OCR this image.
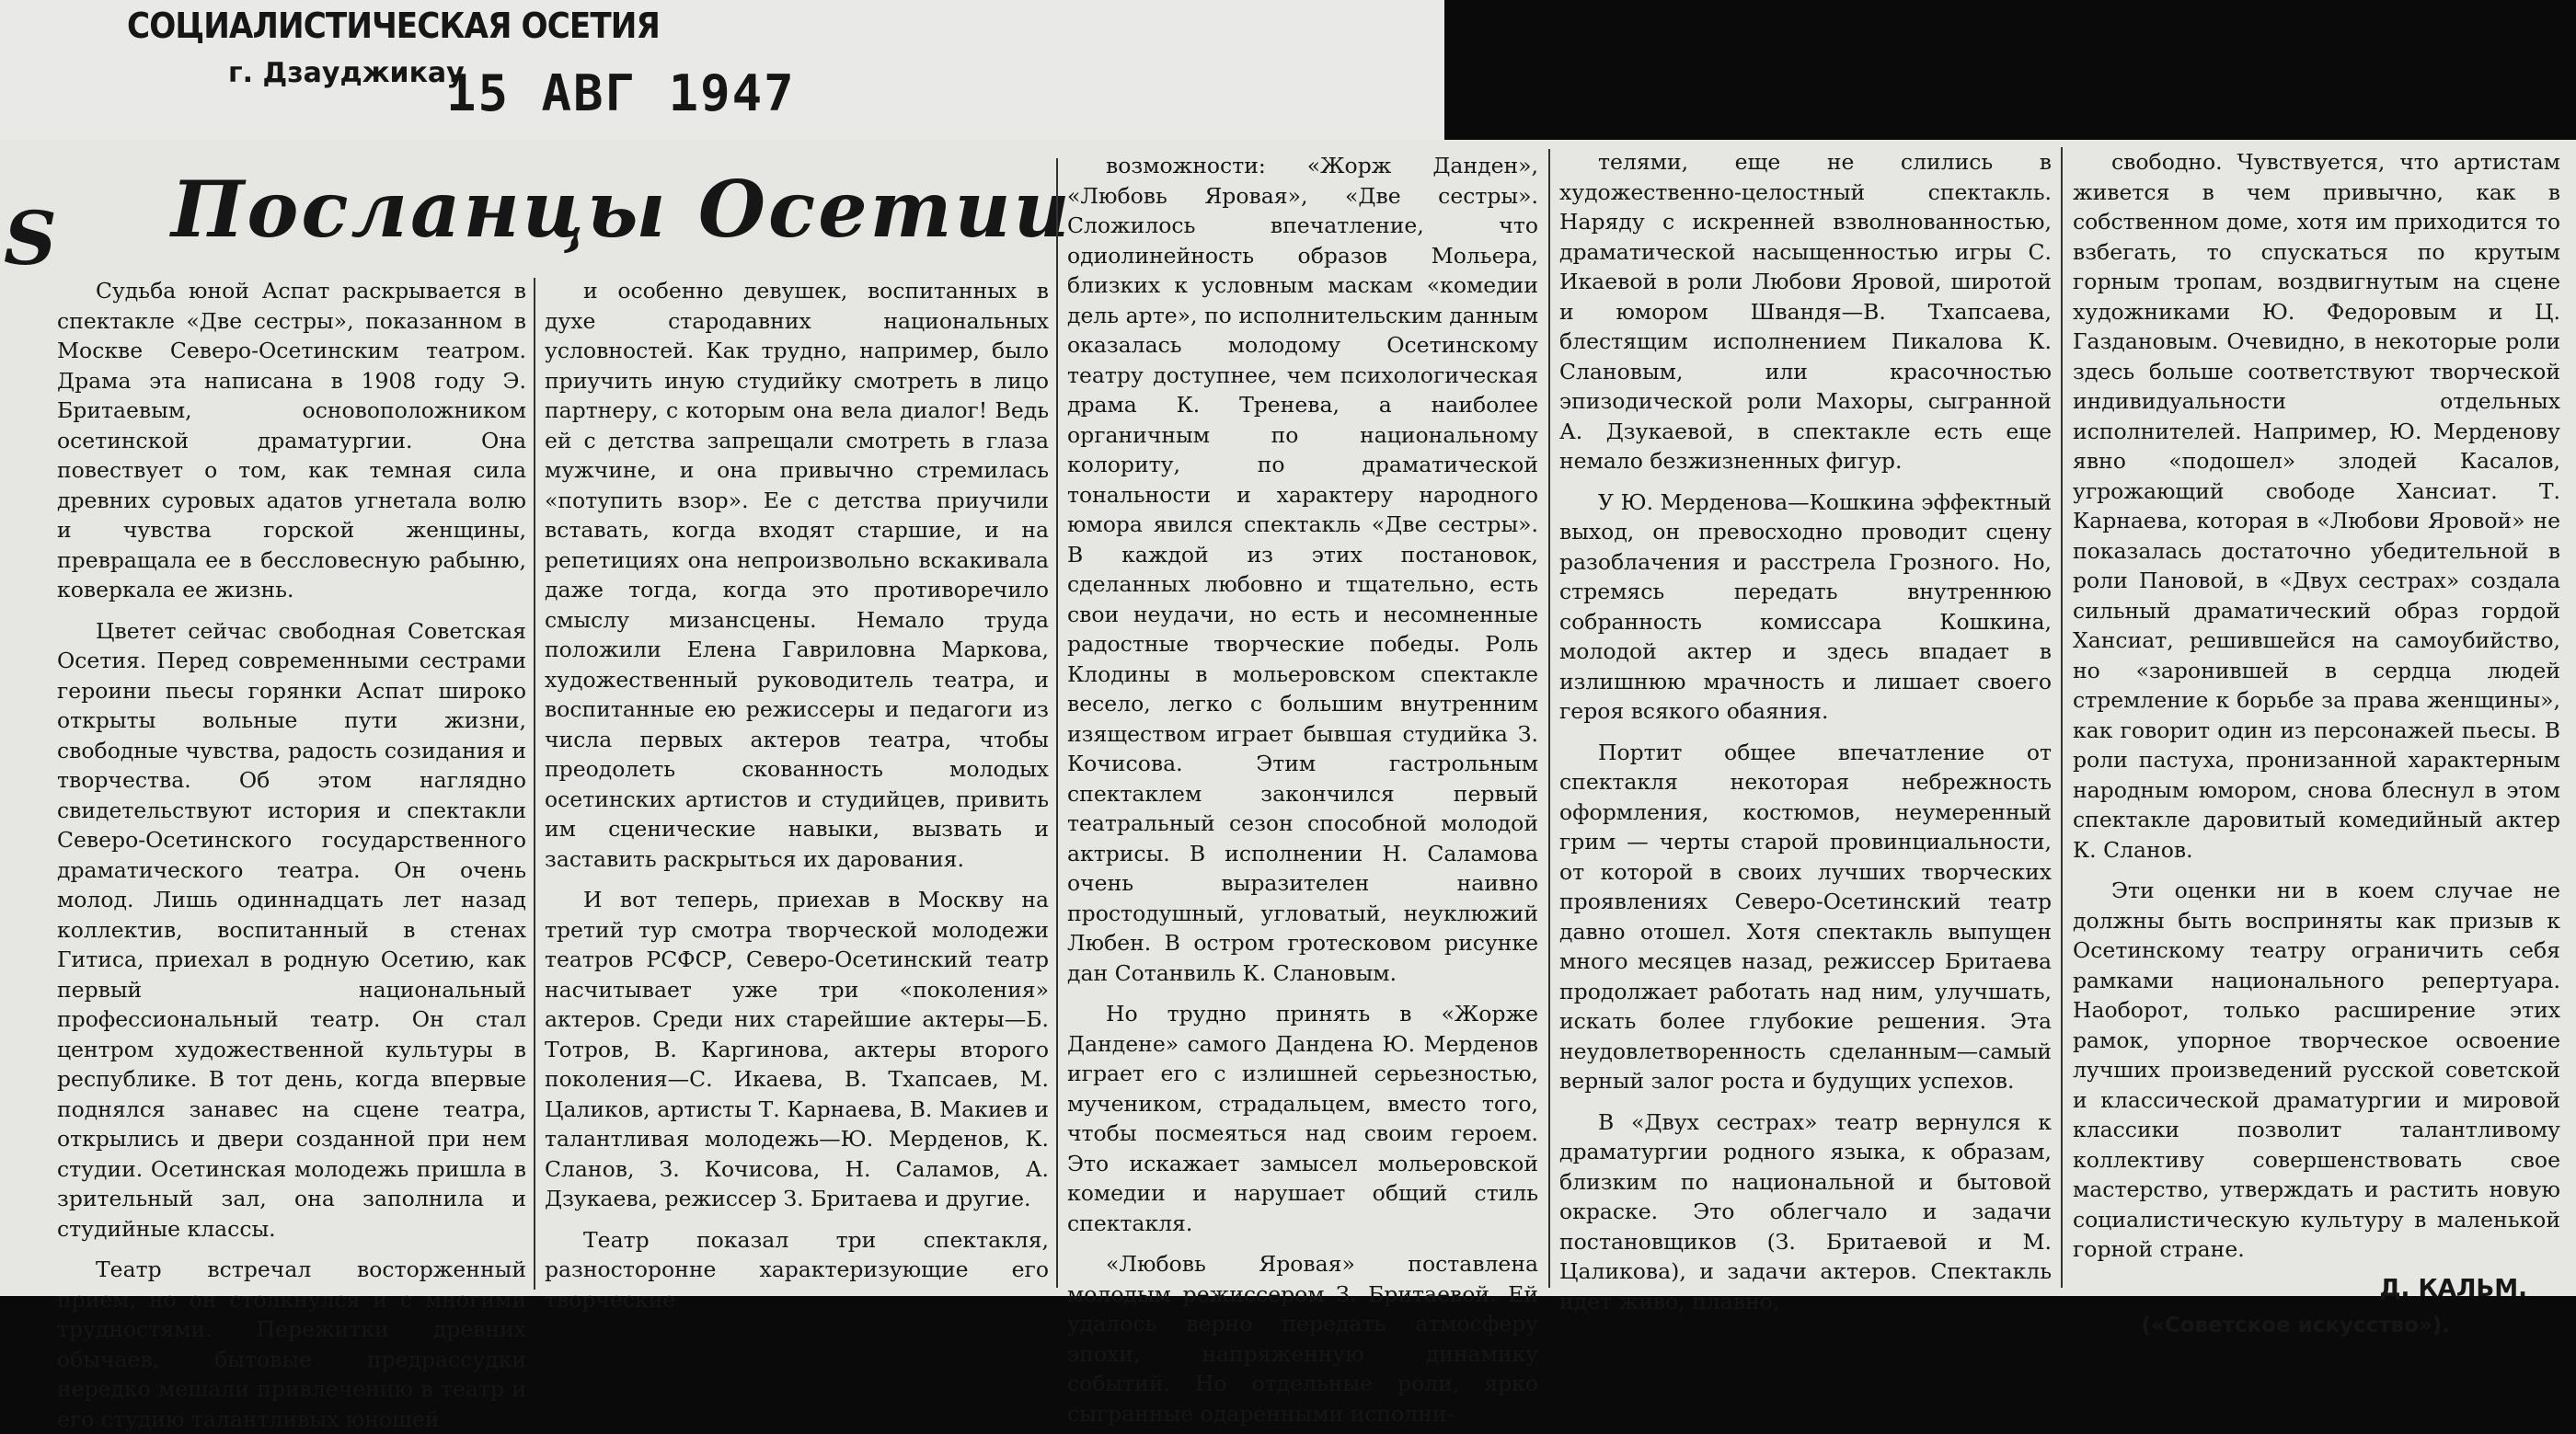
СОЦИАЛИСТИЧЕСКАЯ ОСЕТИЯ
г. Дзауджикау
15 АВГ 1947
S Посланцы Осетии

Судьба юной Аспат раскрывается в спектакле «Две сестры», показанном в Москве Северо-Осетинским театром. Драма эта написана в 1908 году Э. Бритаевым, основоположником осетинской драматургии. Она повествует о том, как темная сила древних суровых адатов угнетала волю и чувства горской женщины, превращала ее в бессловесную рабыню, коверкала ее жизнь.

Цветет сейчас свободная Советская Осетия. Перед современными сестрами героини пьесы горянки Аспат широко открыты вольные пути жизни, свободные чувства, радость созидания и творчества. Об этом наглядно свидетельствуют история и спектакли Северо-Осетинского государственного драматического театра. Он очень молод. Лишь одиннадцать лет назад коллектив, воспитанный в стенах Гитиса, приехал в родную Осетию, как первый национальный профессиональный театр. Он стал центром художественной культуры в республике. В тот день, когда впервые поднялся занавес на сцене театра, открылись и двери созданной при нем студии. Осетинская молодежь пришла в зрительный зал, она заполнила и студийные классы.

Театр встречал восторженный прием, но он столкнулся и с многими трудностями. Пережитки древних обычаев, бытовые предрассудки нередко мешали привлечению в театр и его студию талантливых юношей

и особенно девушек, воспитанных в духе стародавних национальных условностей. Как трудно, например, было приучить иную студийку смотреть в лицо партнеру, с которым она вела диалог! Ведь ей с детства запрещали смотреть в глаза мужчине, и она привычно стремилась «потупить взор». Ее с детства приучили вставать, когда входят старшие, и на репетициях она непроизвольно вскакивала даже тогда, когда это противоречило смыслу мизансцены. Немало труда положили Елена Гавриловна Маркова, художественный руководитель театра, и воспитанные ею режиссеры и педагоги из числа первых актеров театра, чтобы преодолеть скованность молодых осетинских артистов и студийцев, привить им сценические навыки, вызвать и заставить раскрыться их дарования.

И вот теперь, приехав в Москву на третий тур смотра творческой молодежи театров РСФСР, Северо-Осетинский театр насчитывает уже три «поколения» актеров. Среди них старейшие актеры—Б. Тотров, В. Каргинова, актеры второго поколения—С. Икаева, В. Тхапсаев, М. Цаликов, артисты Т. Карнаева, В. Макиев и талантливая молодежь—Ю. Мерденов, К. Сланов, З. Кочисова, Н. Саламов, А. Дзукаева, режиссер З. Бритаева и другие.

Театр показал три спектакля, разностороннe характеризующие его творческие

возможности: «Жорж Данден», «Любовь Яровая», «Две сестры». Сложилось впечатление, что одиолинейность образов Мольера, близких к условным маскам «комедии дель арте», по исполнительским данным оказалась молодому Осетинскому театру доступнее, чем психологическая драма К. Тренева, а наиболее органичным по национальному колориту, по драматической тональности и характеру народного юмора явился спектакль «Две сестры». В каждой из этих постановок, сделанных любовно и тщательно, есть свои неудачи, но есть и несомненные радостные творческие победы. Роль Клодины в мольеровском спектакле весело, легко с большим внутренним изяществом играет бывшая студийка З. Кочисова. Этим гастрольным спектаклем закончился первый театральный сезон способной молодой актрисы. В исполнении Н. Саламова очень выразителен наивно простодушный, угловатый, неуклюжий Любен. В остром гротесковом рисунке дан Сотанвиль К. Слановым.

Но трудно принять в «Жорже Дандене» самого Дандена Ю. Мерденов играет его с излишней серьезностью, мучеником, страдальцем, вместо того, чтобы посмеяться над своим героем. Это искажает замысел мольеровской комедии и нарушает общий стиль спектакля.

«Любовь Яровая» поставлена молодым режиссером З. Бритаевой. Ей удалось верно передать атмосферу эпохи, напряженную динамику событий. Но отдельные роли, ярко сыгранные одаренными исполни-

телями, еще не слились в художественно-целостный спектакль. Наряду с искренней взволнованностью, драматической насыщенностью игры С. Икаевой в роли Любови Яровой, широтой и юмором Швандя—В. Тхапсаева, блестящим исполнением Пикалова К. Слановым, или красочностью эпизодической роли Махоры, сыгранной А. Дзукаевой, в спектакле есть еще немало безжизненных фигур.

У Ю. Мерденова—Кошкина эффектный выход, он превосходно проводит сцену разоблачения и расстрела Грозного. Но, стремясь передать внутреннюю собранность комиссара Кошкина, молодой актер и здесь впадает в излишнюю мрачность и лишает своего героя всякого обаяния.

Портит общее впечатление от спектакля некоторая небрежность оформления, костюмов, неумеренный грим — черты старой провинциальности, от которой в своих лучших творческих проявлениях Северо-Осетинский театр давно отошел. Хотя спектакль выпущен много месяцев назад, режиссер Бритаева продолжает работать над ним, улучшать, искать более глубокие решения. Эта неудовлетворенность сделанным—самый верный залог роста и будущих успехов.

В «Двух сестрах» театр вернулся к драматургии родного языка, к образам, близким по национальной и бытовой окраске. Это облегчало и задачи постановщиков (З. Бритаевой и М. Цаликова), и задачи актеров. Спектакль идет живо, плавно,

свободно. Чувствуется, что артистам живется в чем привычно, как в собственном доме, хотя им приходится то взбегать, то спускаться по крутым горным тропам, воздвигнутым на сцене художниками Ю. Федоровым и Ц. Газдановым. Очевидно, в некоторые роли здесь больше соответствуют творческой индивидуальности отдельных исполнителей. Например, Ю. Мерденову явно «подошел» злодей Касалов, угрожающий свободе Хансиат. Т. Карнаева, которая в «Любови Яровой» не показалась достаточно убедительной в роли Пановой, в «Двух сестрах» создала сильный драматический образ гордой Хансиат, решившейся на самоубийство, но «заронившей в сердца людей стремление к борьбе за права женщины», как говорит один из персонажей пьесы. В роли пастуха, пронизанной характерным народным юмором, снова блеснул в этом спектакле даровитый комедийный актер К. Сланов.

Эти оценки ни в коем случае не должны быть восприняты как призыв к Осетинскому театру ограничить себя рамками национального репертуара. Наоборот, только расширение этих рамок, упорное творческое освоение лучших произведений русской советской и классической драматургии и мировой классики позволит талантливому коллективу совершенствовать свое мастерство, утверждать и растить новую социалистическую культуру в маленькой горной стране.

Д. КАЛЬМ.
(«Советское искусство»).
